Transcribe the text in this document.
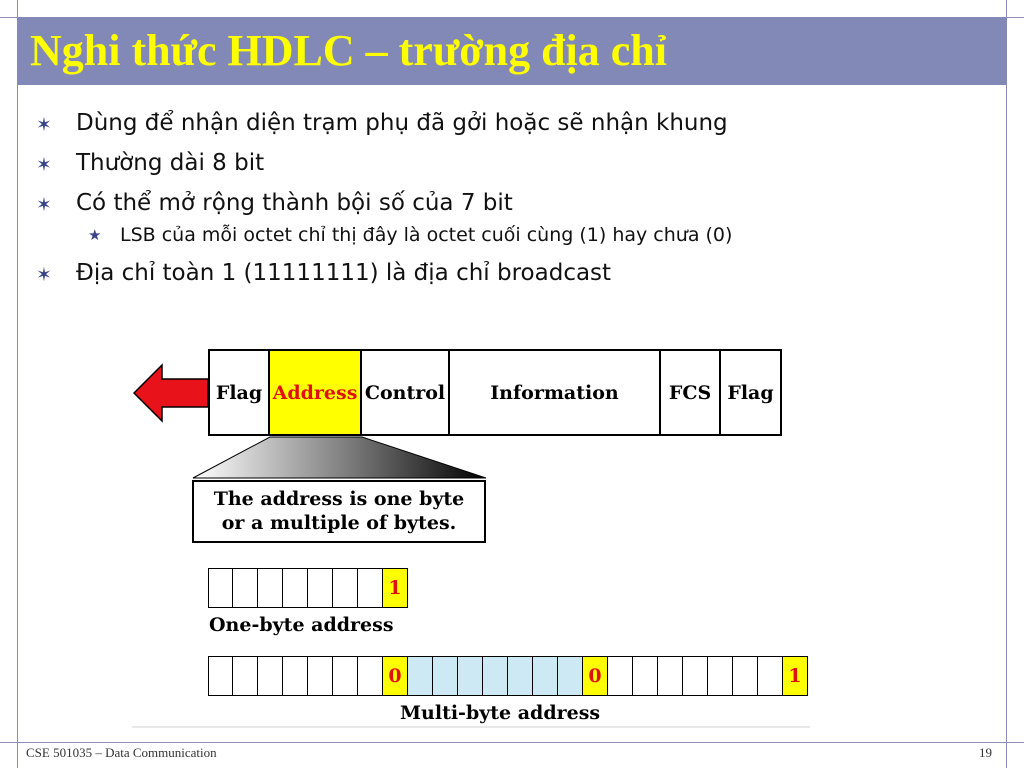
Nghi thức HDLC – trường địa chỉ
✶ Dùng để nhận diện trạm phụ đã gởi hoặc sẽ nhận khung
✶ Thường dài 8 bit
✶ Có thể mở rộng thành bội số của 7 bit
★ LSB của mỗi octet chỉ thị đây là octet cuối cùng (1) hay chưa (0)
✶ Địa chỉ toàn 1 (11111111) là địa chỉ broadcast
Flag Address Control Information	FCS Flag
The address is one byte
or a multiple of bytes.
1
One-byte address
0	0	1
Multi-byte address
CSE 501035 – Data Communication	19
